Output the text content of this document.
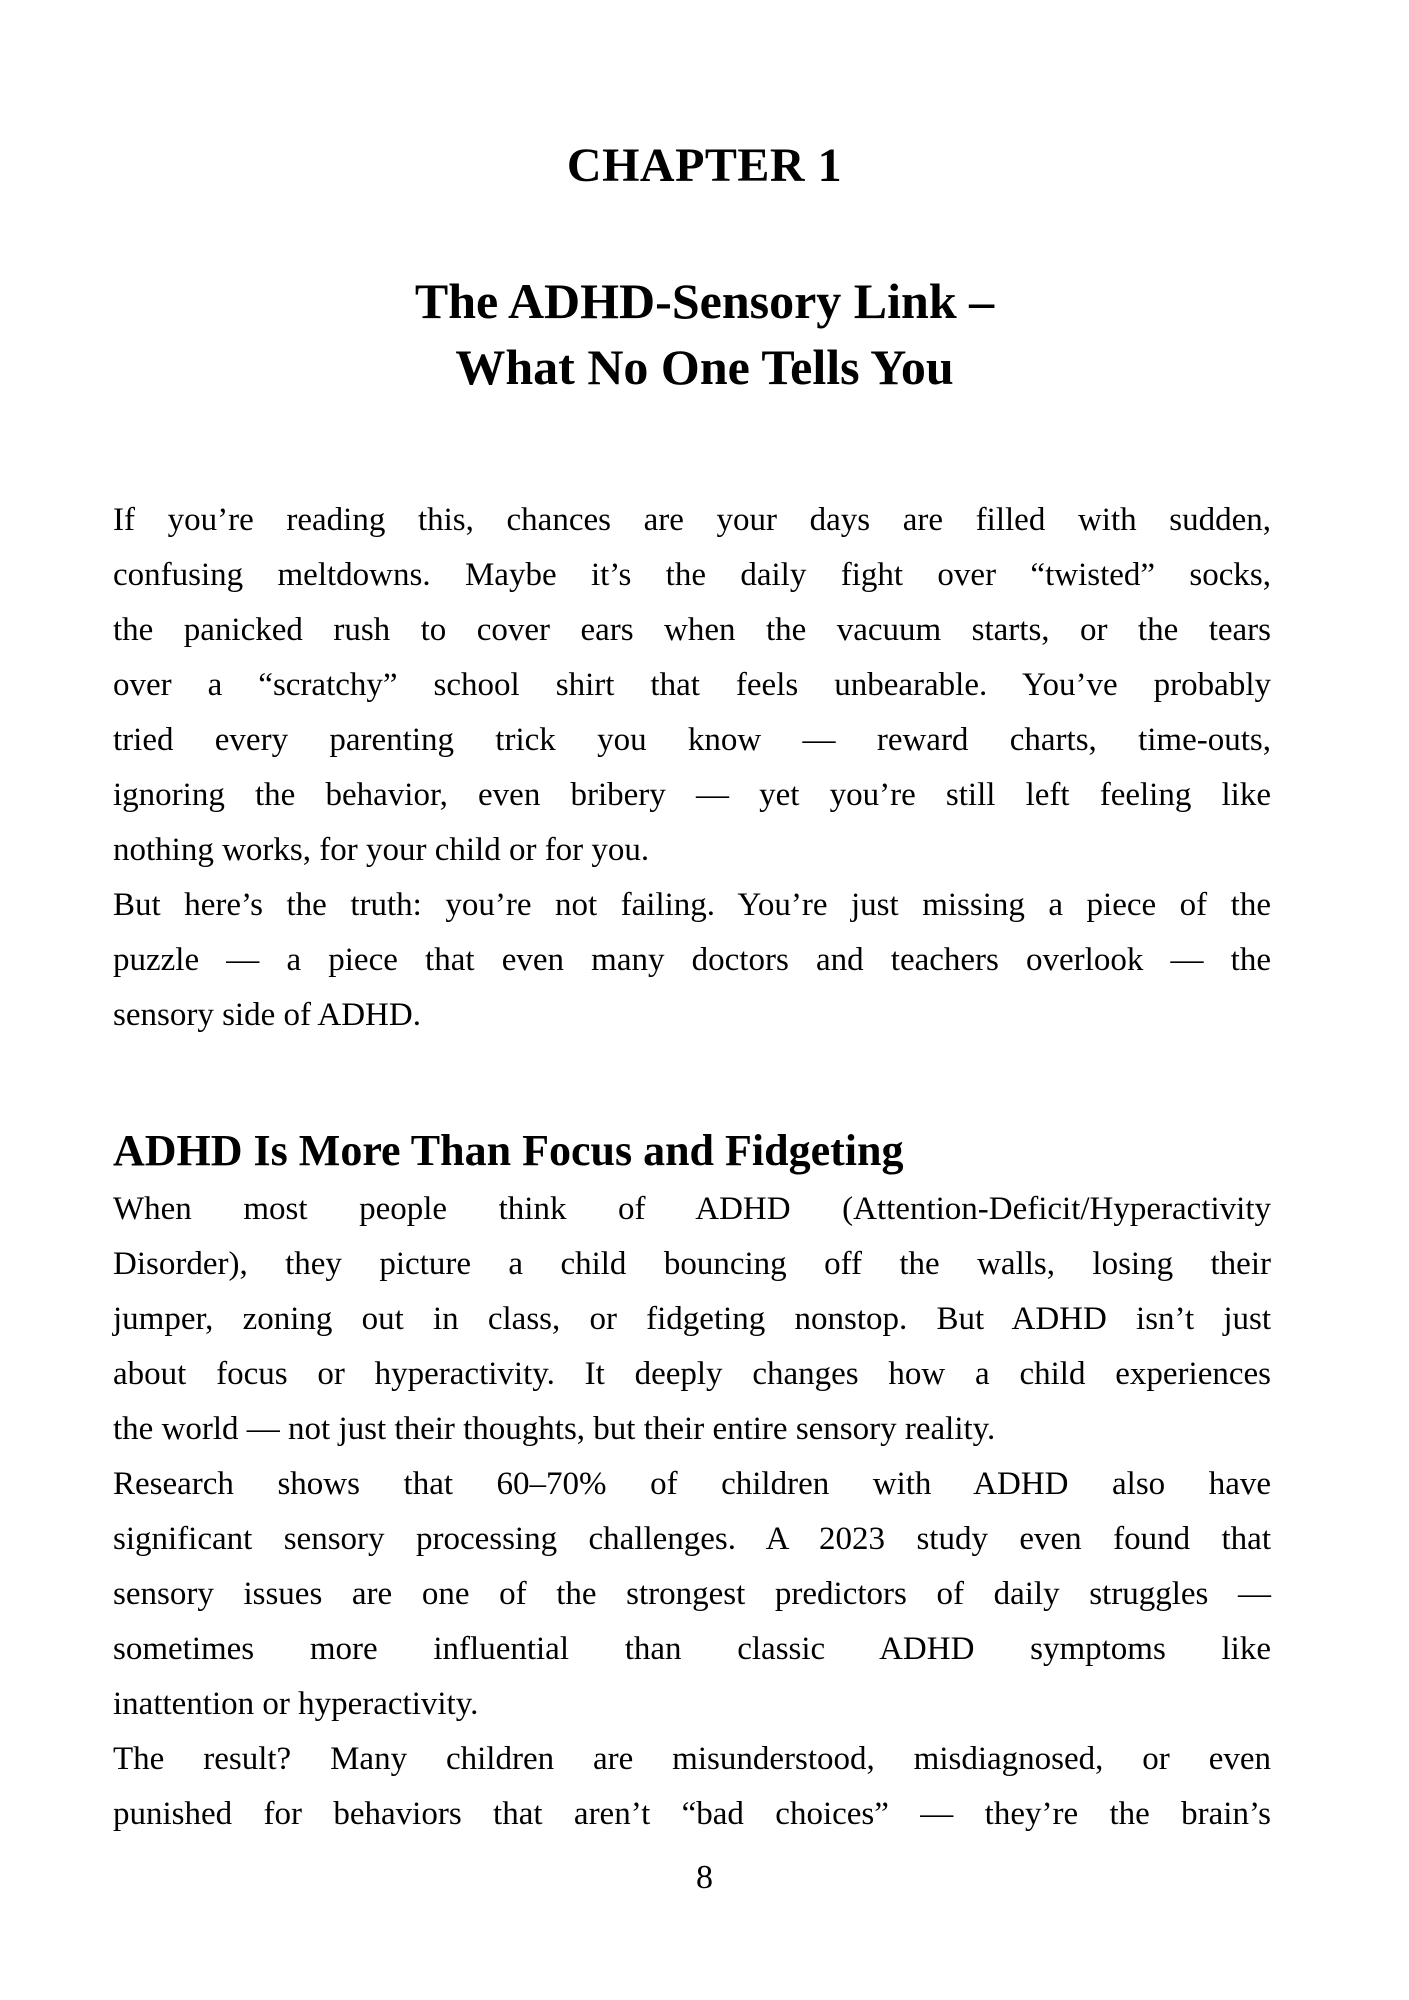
CHAPTER 1
The ADHD-Sensory Link –
What No One Tells You
If you’re reading this, chances are your days are filled with sudden,
confusing meltdowns. Maybe it’s the daily fight over “twisted” socks,
the panicked rush to cover ears when the vacuum starts, or the tears
over a “scratchy” school shirt that feels unbearable. You’ve probably
tried every parenting trick you know — reward charts, time-outs,
ignoring the behavior, even bribery — yet you’re still left feeling like
nothing works, for your child or for you.
But here’s the truth: you’re not failing. You’re just missing a piece of the
puzzle — a piece that even many doctors and teachers overlook — the
sensory side of ADHD.
ADHD Is More Than Focus and Fidgeting
When most people think of ADHD (Attention-Deficit/Hyperactivity
Disorder), they picture a child bouncing off the walls, losing their
jumper, zoning out in class, or fidgeting nonstop. But ADHD isn’t just
about focus or hyperactivity. It deeply changes how a child experiences
the world — not just their thoughts, but their entire sensory reality.
Research shows that 60–70% of children with ADHD also have
significant sensory processing challenges. A 2023 study even found that
sensory issues are one of the strongest predictors of daily struggles —
sometimes more influential than classic ADHD symptoms like
inattention or hyperactivity.
The result? Many children are misunderstood, misdiagnosed, or even
punished for behaviors that aren’t “bad choices” — they’re the brain’s
8
